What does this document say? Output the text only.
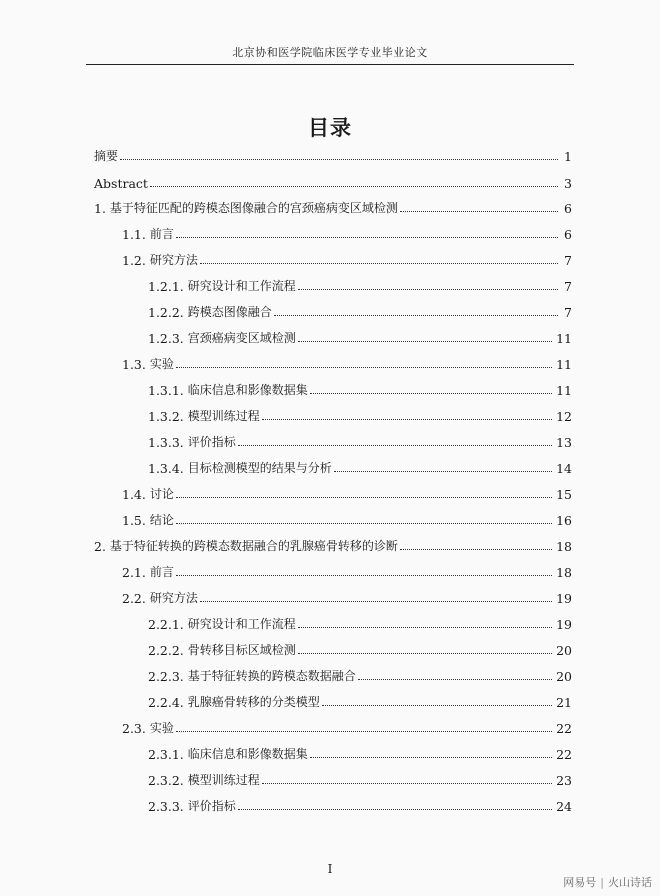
北京协和医学院临床医学专业毕业论文
目录
摘要	1
Abstract	3
1. 基于特征匹配的跨模态图像融合的宫颈癌病变区域检测	6
1.1. 前言	6
1.2. 研究方法	7
1.2.1. 研究设计和工作流程	7
1.2.2. 跨模态图像融合	7
1.2.3. 宫颈癌病变区域检测	11
1.3. 实验	11
1.3.1. 临床信息和影像数据集	11
1.3.2. 模型训练过程	12
1.3.3. 评价指标	13
1.3.4. 目标检测模型的结果与分析	14
1.4. 讨论	15
1.5. 结论	16
2. 基于特征转换的跨模态数据融合的乳腺癌骨转移的诊断	18
2.1. 前言	18
2.2. 研究方法	19
2.2.1. 研究设计和工作流程	19
2.2.2. 骨转移目标区域检测	20
2.2.3. 基于特征转换的跨模态数据融合	20
2.2.4. 乳腺癌骨转移的分类模型	21
2.3. 实验	22
2.3.1. 临床信息和影像数据集	22
2.3.2. 模型训练过程	23
2.3.3. 评价指标	24
I
网易号 | 火山诗话
